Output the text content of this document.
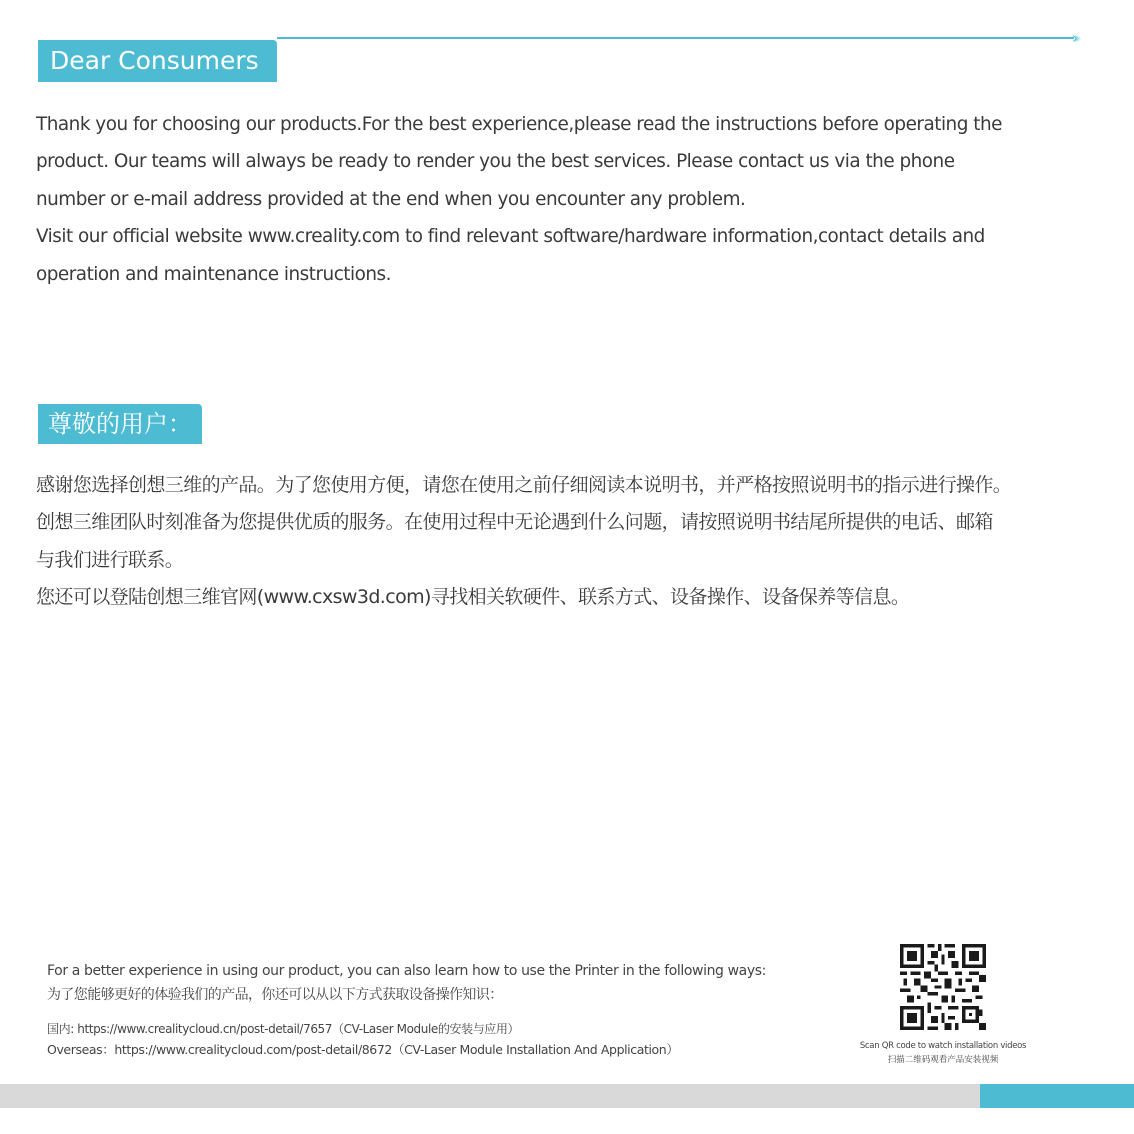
Dear Consumers
›››

Thank you for choosing our products.For the best experience,please read the instructions before operating the

product. Our teams will always be ready to render you the best services. Please contact us via the phone

number or e-mail address provided at the end when you encounter any problem.

Visit our official website www.creality.com to find relevant software/hardware information,contact details and

operation and maintenance instructions.

尊敬的用户：

感谢您选择创想三维的产品。为了您使用方便，请您在使用之前仔细阅读本说明书，并严格按照说明书的指示进行操作。

创想三维团队时刻准备为您提供优质的服务。在使用过程中无论遇到什么问题，请按照说明书结尾所提供的电话、邮箱

与我们进行联系。

您还可以登陆创想三维官网(www.cxsw3d.com)寻找相关软硬件、联系方式、设备操作、设备保养等信息。

For a better experience in using our product, you can also learn how to use the Printer in the following ways:
为了您能够更好的体验我们的产品，你还可以从以下方式获取设备操作知识：
国内: https://www.crealitycloud.cn/post-detail/7657（CV-Laser Module的安装与应用）
Overseas：https://www.crealitycloud.com/post-detail/8672（CV-Laser Module Installation And Application）	Scan QR code to watch installation videos
扫描二维码观看产品安装视频
